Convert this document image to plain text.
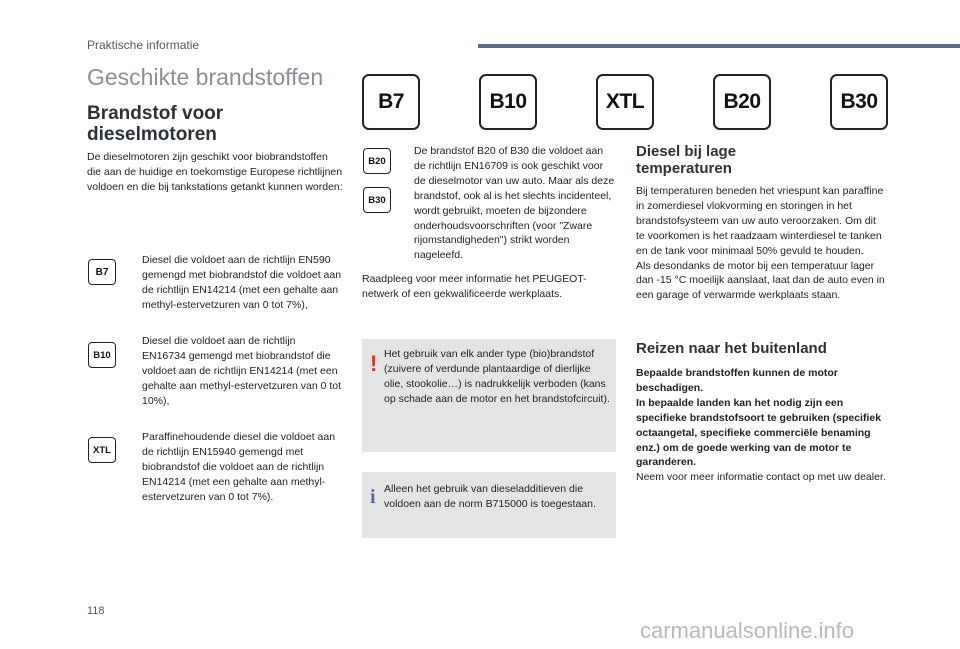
Praktische informatie
Geschikte brandstoffen
Brandstof voor dieselmotoren
De dieselmotoren zijn geschikt voor biobrandstoffen die aan de huidige en toekomstige Europese richtlijnen voldoen en die bij tankstations getankt kunnen worden:
B7
Diesel die voldoet aan de richtlijn EN590 gemengd met biobrandstof die voldoet aan de richtlijn EN14214 (met een gehalte aan methyl-estervetzuren van 0 tot 7%),
B10
Diesel die voldoet aan de richtlijn EN16734 gemengd met biobrandstof die voldoet aan de richtlijn EN14214 (met een gehalte aan methyl-estervetzuren van 0 tot 10%),
XTL
Paraffinehoudende diesel die voldoet aan de richtlijn EN15940 gemengd met biobrandstof die voldoet aan de richtlijn EN14214 (met een gehalte aan methyl-estervetzuren van 0 tot 7%).
B7	B10	XTL	B20	B30
B20
B30
De brandstof B20 of B30 die voldoet aan de richtlijn EN16709 is ook geschikt voor de dieselmotor van uw auto. Maar als deze brandstof, ook al is het slechts incidenteel, wordt gebruikt, moeten de bijzondere onderhoudsvoorschriften (voor "Zware rijomstandigheden") strikt worden nageleefd.
Raadpleeg voor meer informatie het PEUGEOT-netwerk of een gekwalificeerde werkplaats.
! Het gebruik van elk ander type (bio)brandstof (zuivere of verdunde plantaardige of dierlijke olie, stookolie…) is nadrukkelijk verboden (kans op schade aan de motor en het brandstofcircuit).
i Alleen het gebruik van dieseladditieven die voldoen aan de norm B715000 is toegestaan.
Diesel bij lage temperaturen
Bij temperaturen beneden het vriespunt kan paraffine in zomerdiesel vlokvorming en storingen in het brandstofsysteem van uw auto veroorzaken. Om dit te voorkomen is het raadzaam winterdiesel te tanken en de tank voor minimaal 50% gevuld te houden.
Als desondanks de motor bij een temperatuur lager dan -15 °C moeilijk aanslaat, laat dan de auto even in een garage of verwarmde werkplaats staan.
Reizen naar het buitenland
Bepaalde brandstoffen kunnen de motor beschadigen.
In bepaalde landen kan het nodig zijn een specifieke brandstofsoort te gebruiken (specifiek octaangetal, specifieke commerciële benaming enz.) om de goede werking van de motor te garanderen.
Neem voor meer informatie contact op met uw dealer.
118
carmanualsonline.info
